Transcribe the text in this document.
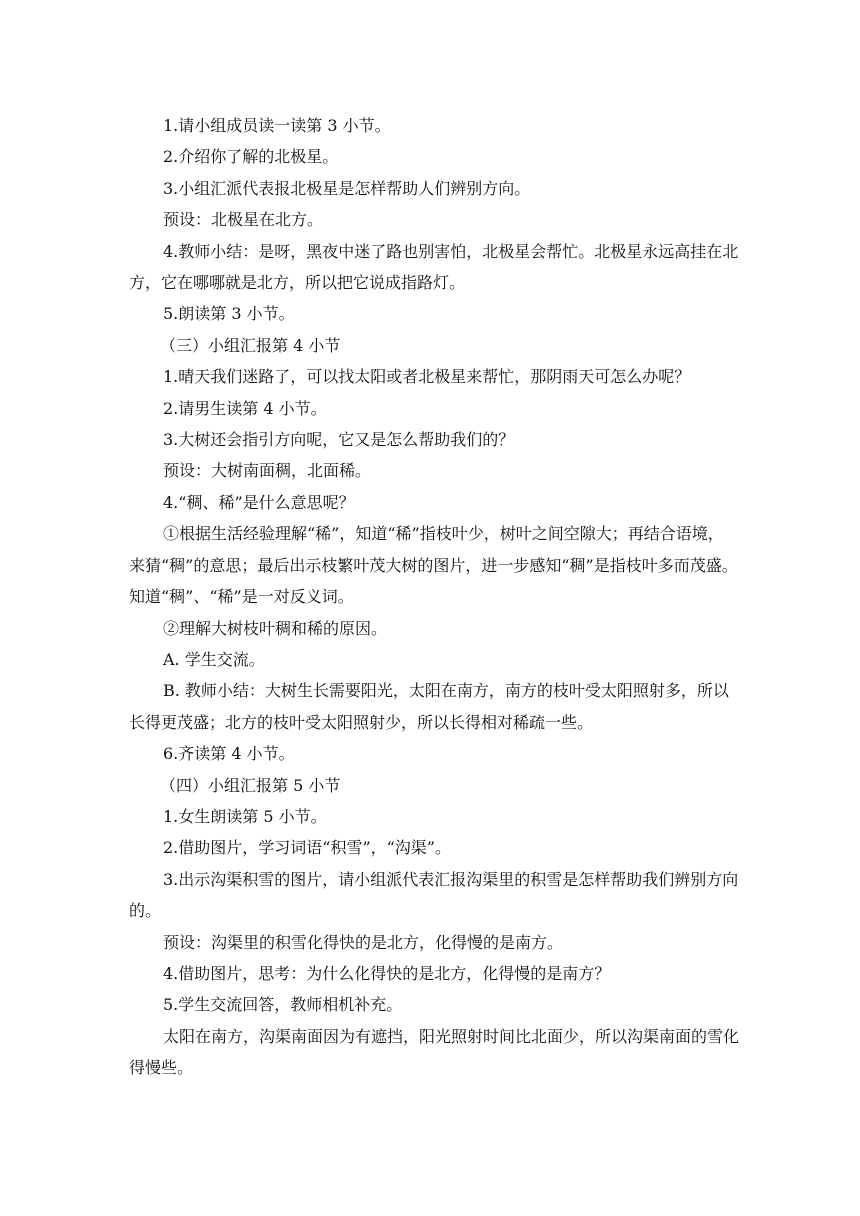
1.请小组成员读一读第 3 小节。

2.介绍你了解的北极星。

3.小组汇派代表报北极星是怎样帮助人们辨别方向。

预设：北极星在北方。

4.教师小结：是呀，黑夜中迷了路也别害怕，北极星会帮忙。北极星永远高挂在北方，它在哪哪就是北方，所以把它说成指路灯。

5.朗读第 3 小节。

（三）小组汇报第 4 小节

1.晴天我们迷路了，可以找太阳或者北极星来帮忙，那阴雨天可怎么办呢？

2.请男生读第 4 小节。

3.大树还会指引方向呢，它又是怎么帮助我们的？

预设：大树南面稠，北面稀。

4.“稠、稀”是什么意思呢？

①根据生活经验理解“稀”，知道“稀”指枝叶少，树叶之间空隙大；再结合语境，来猜“稠”的意思；最后出示枝繁叶茂大树的图片，进一步感知“稠”是指枝叶多而茂盛。知道“稠”、“稀”是一对反义词。

②理解大树枝叶稠和稀的原因。

A. 学生交流。

B. 教师小结：大树生长需要阳光，太阳在南方，南方的枝叶受太阳照射多，所以长得更茂盛；北方的枝叶受太阳照射少，所以长得相对稀疏一些。

6.齐读第 4 小节。

（四）小组汇报第 5 小节

1.女生朗读第 5 小节。

2.借助图片，学习词语“积雪”，“沟渠”。

3.出示沟渠积雪的图片，请小组派代表汇报沟渠里的积雪是怎样帮助我们辨别方向的。

预设：沟渠里的积雪化得快的是北方，化得慢的是南方。

4.借助图片，思考：为什么化得快的是北方，化得慢的是南方？

5.学生交流回答，教师相机补充。

太阳在南方，沟渠南面因为有遮挡，阳光照射时间比北面少，所以沟渠南面的雪化得慢些。
